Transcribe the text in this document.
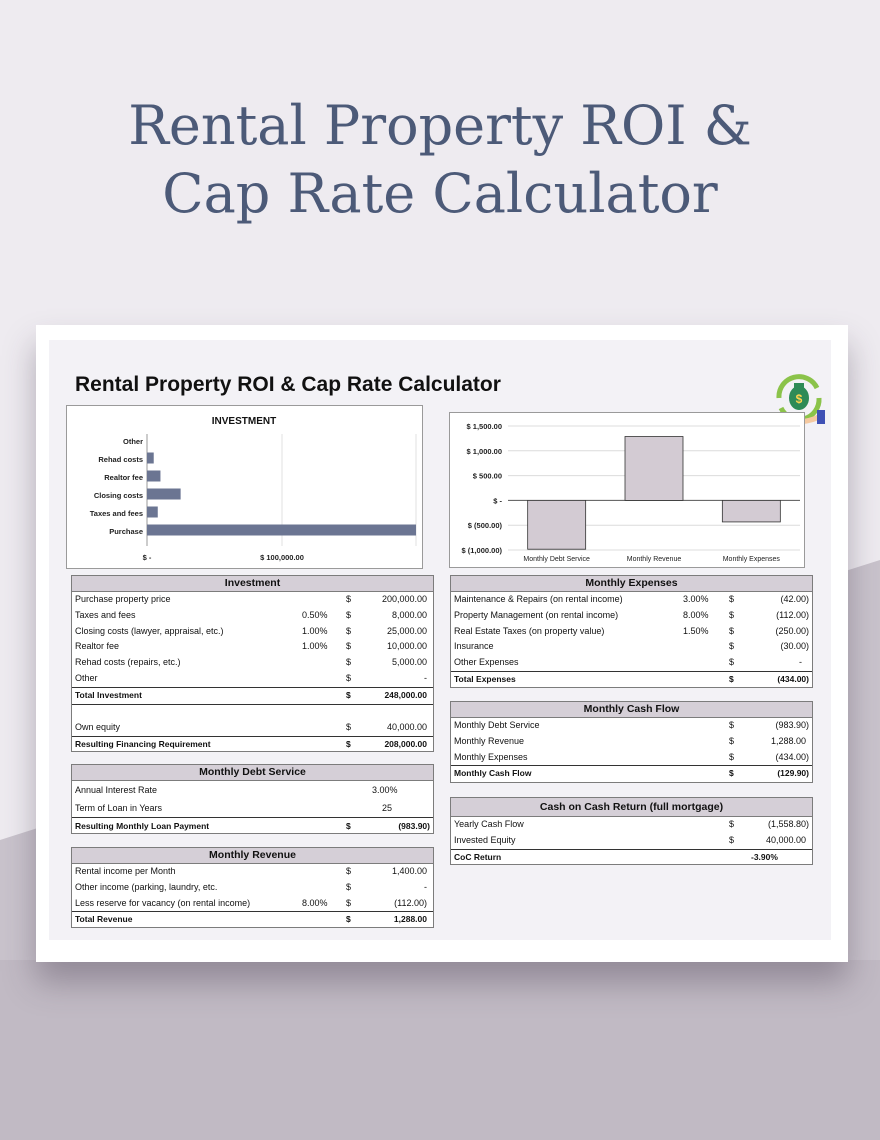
Rental Property ROI &
Cap Rate Calculator
Rental Property ROI & Cap Rate Calculator
$
INVESTMENT
Other
Rehad costs
Realtor fee
Closing costs
Taxes and fees
Purchase
$ -	$ 100,000.00
$ 1,500.00
$ 1,000.00
$ 500.00
$ -
$ (500.00)
$ (1,000.00)
Monthly Debt Service	Monthly Revenue	Monthly Expenses
Investment
Purchase property price	$	200,000.00
Taxes and fees	0.50% $	8,000.00
Closing costs (lawyer, appraisal, etc.)	1.00% $	25,000.00
Realtor fee	1.00% $	10,000.00
Rehad costs (repairs, etc.)	$	5,000.00
Other	$	-
Total Investment	$	248,000.00
Own equity	$	40,000.00
Resulting Financing Requirement	$	208,000.00
Monthly Debt Service
Annual Interest Rate	3.00%
Term of Loan in Years	25
Resulting Monthly Loan Payment	$	(983.90)
Monthly Revenue
Rental income per Month	$	1,400.00
Other income (parking, laundry, etc.	$	-
Less reserve for vacancy (on rental income)	8.00% $	(112.00)
Total Revenue	$	1,288.00
Monthly Expenses
Maintenance & Repairs (on rental income)	3.00% $	(42.00)
Property Management (on rental income)	8.00% $	(112.00)
Real Estate Taxes (on property value)	1.50% $	(250.00)
Insurance	$	(30.00)
Other Expenses	$	-
Total Expenses	$	(434.00)
Monthly Cash Flow
Monthly Debt Service	$	(983.90)
Monthly Revenue	$	1,288.00
Monthly Expenses	$	(434.00)
Monthly Cash Flow	$	(129.90)
Cash on Cash Return (full mortgage)
Yearly Cash Flow	$	(1,558.80)
Invested Equity	$	40,000.00
CoC Return	-3.90%
